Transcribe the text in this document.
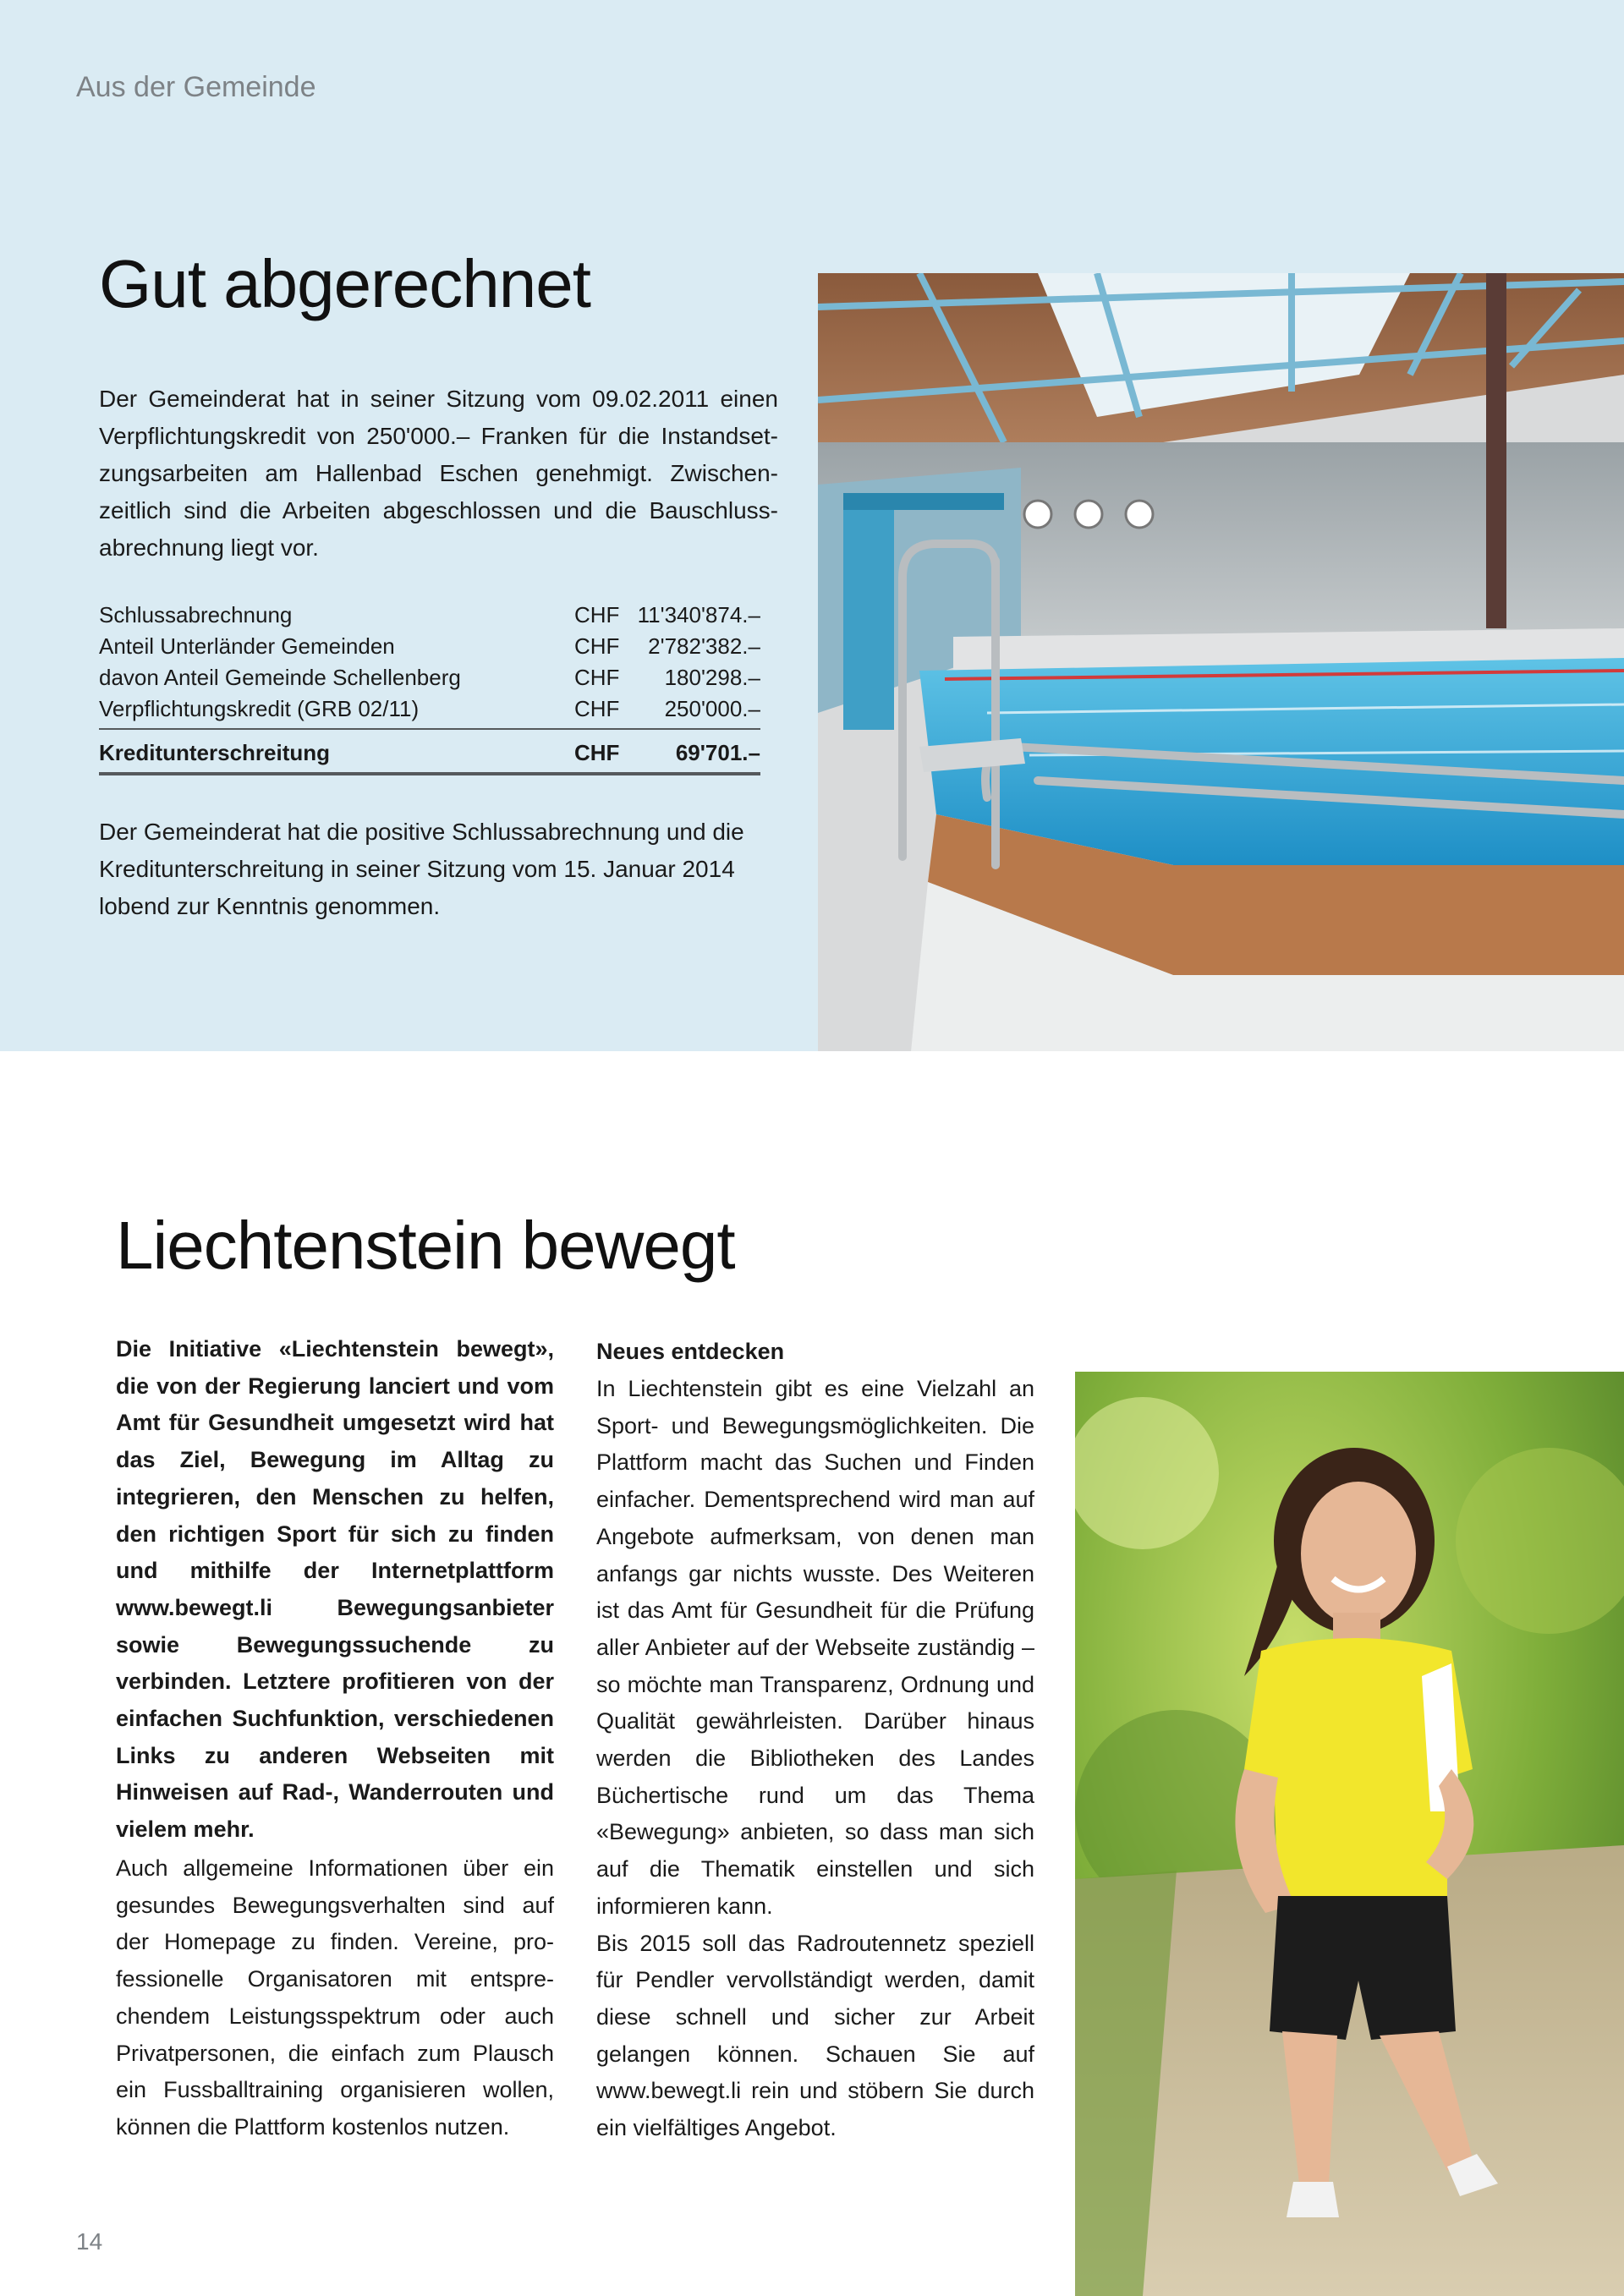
Aus der Gemeinde

Gut abgerechnet

Der Gemeinderat hat in seiner Sitzung vom 09.02.2011 einen Verpflichtungskredit von 250'000.– Franken für die Instandsetzungsarbeiten am Hallenbad Eschen genehmigt. Zwischenzeitlich sind die Arbeiten abgeschlossen und die Bauschlussabrechnung liegt vor.

Schlussabrechnung	CHF	11'340'874.–
Anteil Unterländer Gemeinden	CHF	2'782'382.–
davon Anteil Gemeinde Schellenberg	CHF	180'298.–
Verpflichtungskredit (GRB 02/11)	CHF	250'000.–
Kreditunterschreitung	CHF	69'701.–

Der Gemeinderat hat die positive Schlussabrechnung und die Kreditunterschreitung in seiner Sitzung vom 15. Januar 2014 lobend zur Kenntnis genommen.

Liechtenstein bewegt

Die Initiative «Liechtenstein bewegt», die von der Regierung lanciert und vom Amt für Gesundheit umgesetzt wird hat das Ziel, Bewegung im Alltag zu integrieren, den Menschen zu helfen, den richtigen Sport für sich zu finden und mithilfe der Internetplattform www.bewegt.li Bewegungsanbieter sowie Bewegungssuchende zu verbinden. Letztere profitieren von der einfachen Suchfunktion, verschiedenen Links zu anderen Webseiten mit Hinweisen auf Rad-, Wanderrouten und vielem mehr.

Auch allgemeine Informationen über ein gesundes Bewegungsverhalten sind auf der Homepage zu finden. Vereine, professionelle Organisatoren mit entsprechendem Leistungsspektrum oder auch Privatpersonen, die einfach zum Plausch ein Fussballtraining organisieren wollen, können die Plattform kostenlos nutzen.

Neues entdecken

In Liechtenstein gibt es eine Vielzahl an Sport- und Bewegungsmöglichkeiten. Die Plattform macht das Suchen und Finden einfacher. Dementsprechend wird man auf Angebote aufmerksam, von denen man anfangs gar nichts wusste. Des Weiteren ist das Amt für Gesundheit für die Prüfung aller Anbieter auf der Webseite zuständig – so möchte man Transparenz, Ordnung und Qualität gewährleisten. Darüber hinaus werden die Bibliotheken des Landes Büchertische rund um das Thema «Bewegung» anbieten, so dass man sich auf die Thematik einstellen und sich informieren kann.

Bis 2015 soll das Radroutennetz speziell für Pendler vervollständigt werden, damit diese schnell und sicher zur Arbeit gelangen können. Schauen Sie auf www.bewegt.li rein und stöbern Sie durch ein vielfältiges Angebot.

14
